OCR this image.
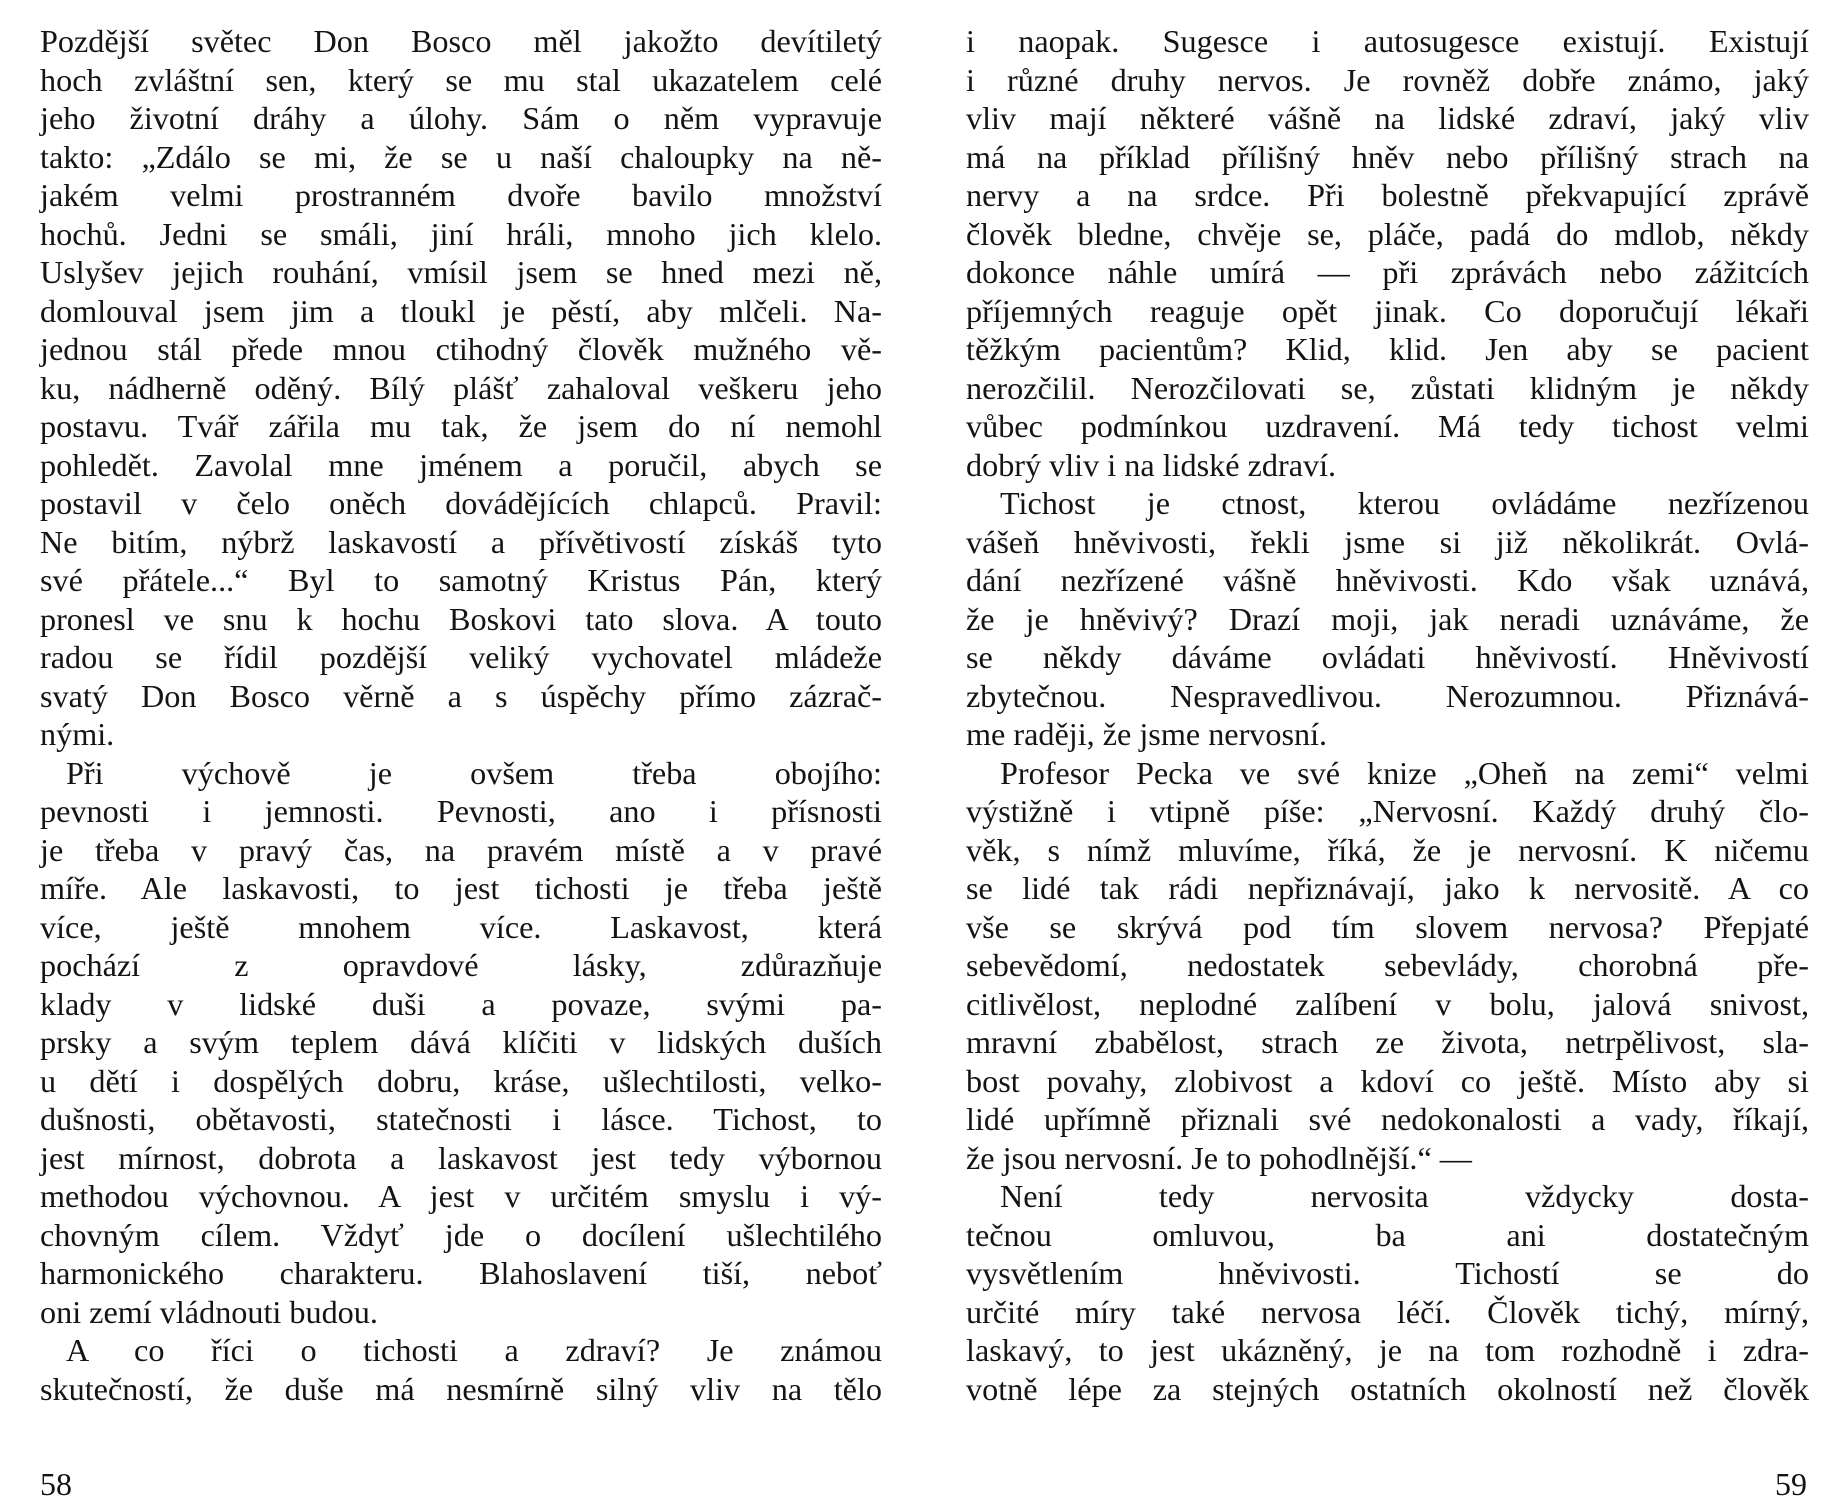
Pozdější světec Don Bosco měl jakožto devítiletý
hoch zvláštní sen, který se mu stal ukazatelem celé
jeho životní dráhy a úlohy. Sám o něm vypravuje
takto: „Zdálo se mi, že se u naší chaloupky na ně-
jakém velmi prostranném dvoře bavilo množství
hochů. Jedni se smáli, jiní hráli, mnoho jich klelo.
Uslyšev jejich rouhání, vmísil jsem se hned mezi ně,
domlouval jsem jim a tloukl je pěstí, aby mlčeli. Na-
jednou stál přede mnou ctihodný člověk mužného vě-
ku, nádherně oděný. Bílý plášť zahaloval veškeru jeho
postavu. Tvář zářila mu tak, že jsem do ní nemohl
pohledět. Zavolal mne jménem a poručil, abych se
postavil v čelo oněch dovádějících chlapců. Pravil:
Ne bitím, nýbrž laskavostí a přívětivostí získáš tyto
své přátele...“ Byl to samotný Kristus Pán, který
pronesl ve snu k hochu Boskovi tato slova. A touto
radou se řídil pozdější veliký vychovatel mládeže
svatý Don Bosco věrně a s úspěchy přímo zázrač-
nými.
Při výchově je ovšem třeba obojího:
pevnosti i jemnosti. Pevnosti, ano i přísnosti
je třeba v pravý čas, na pravém místě a v pravé
míře. Ale laskavosti, to jest tichosti je třeba ještě
více, ještě mnohem více. Laskavost, která
pochází z opravdové lásky, zdůrazňuje
klady v lidské duši a povaze, svými pa-
prsky a svým teplem dává klíčiti v lidských duších
u dětí i dospělých dobru, kráse, ušlechtilosti, velko-
dušnosti, obětavosti, statečnosti i lásce. Tichost, to
jest mírnost, dobrota a laskavost jest tedy výbornou
methodou výchovnou. A jest v určitém smyslu i vý-
chovným cílem. Vždyť jde o docílení ušlechtilého
harmonického charakteru. Blahoslavení tiší, neboť
oni zemí vládnouti budou.
A co říci o tichosti a zdraví? Je známou
skutečností, že duše má nesmírně silný vliv na tělo
i naopak. Sugesce i autosugesce existují. Existují
i různé druhy nervos. Je rovněž dobře známo, jaký
vliv mají některé vášně na lidské zdraví, jaký vliv
má na příklad přílišný hněv nebo přílišný strach na
nervy a na srdce. Při bolestně překvapující zprávě
člověk bledne, chvěje se, pláče, padá do mdlob, někdy
dokonce náhle umírá — při zprávách nebo zážitcích
příjemných reaguje opět jinak. Co doporučují lékaři
těžkým pacientům? Klid, klid. Jen aby se pacient
nerozčilil. Nerozčilovati se, zůstati klidným je někdy
vůbec podmínkou uzdravení. Má tedy tichost velmi
dobrý vliv i na lidské zdraví.
Tichost je ctnost, kterou ovládáme nezřízenou
vášeň hněvivosti, řekli jsme si již několikrát. Ovlá-
dání nezřízené vášně hněvivosti. Kdo však uznává,
že je hněvivý? Drazí moji, jak neradi uznáváme, že
se někdy dáváme ovládati hněvivostí. Hněvivostí
zbytečnou. Nespravedlivou. Nerozumnou. Přiznává-
me raději, že jsme nervosní.
Profesor Pecka ve své knize „Oheň na zemi“ velmi
výstižně i vtipně píše: „Nervosní. Každý druhý člo-
věk, s nímž mluvíme, říká, že je nervosní. K ničemu
se lidé tak rádi nepřiznávají, jako k nervositě. A co
vše se skrývá pod tím slovem nervosa? Přepjaté
sebevědomí, nedostatek sebevlády, chorobná pře-
citlivělost, neplodné zalíbení v bolu, jalová snivost,
mravní zbabělost, strach ze života, netrpělivost, sla-
bost povahy, zlobivost a kdoví co ještě. Místo aby si
lidé upřímně přiznali své nedokonalosti a vady, říkají,
že jsou nervosní. Je to pohodlnější.“ —
Není tedy nervosita vždycky dosta-
tečnou omluvou, ba ani dostatečným
vysvětlením hněvivosti. Tichostí se do
určité míry také nervosa léčí. Člověk tichý, mírný,
laskavý, to jest ukázněný, je na tom rozhodně i zdra-
votně lépe za stejných ostatních okolností než člověk
58	59
